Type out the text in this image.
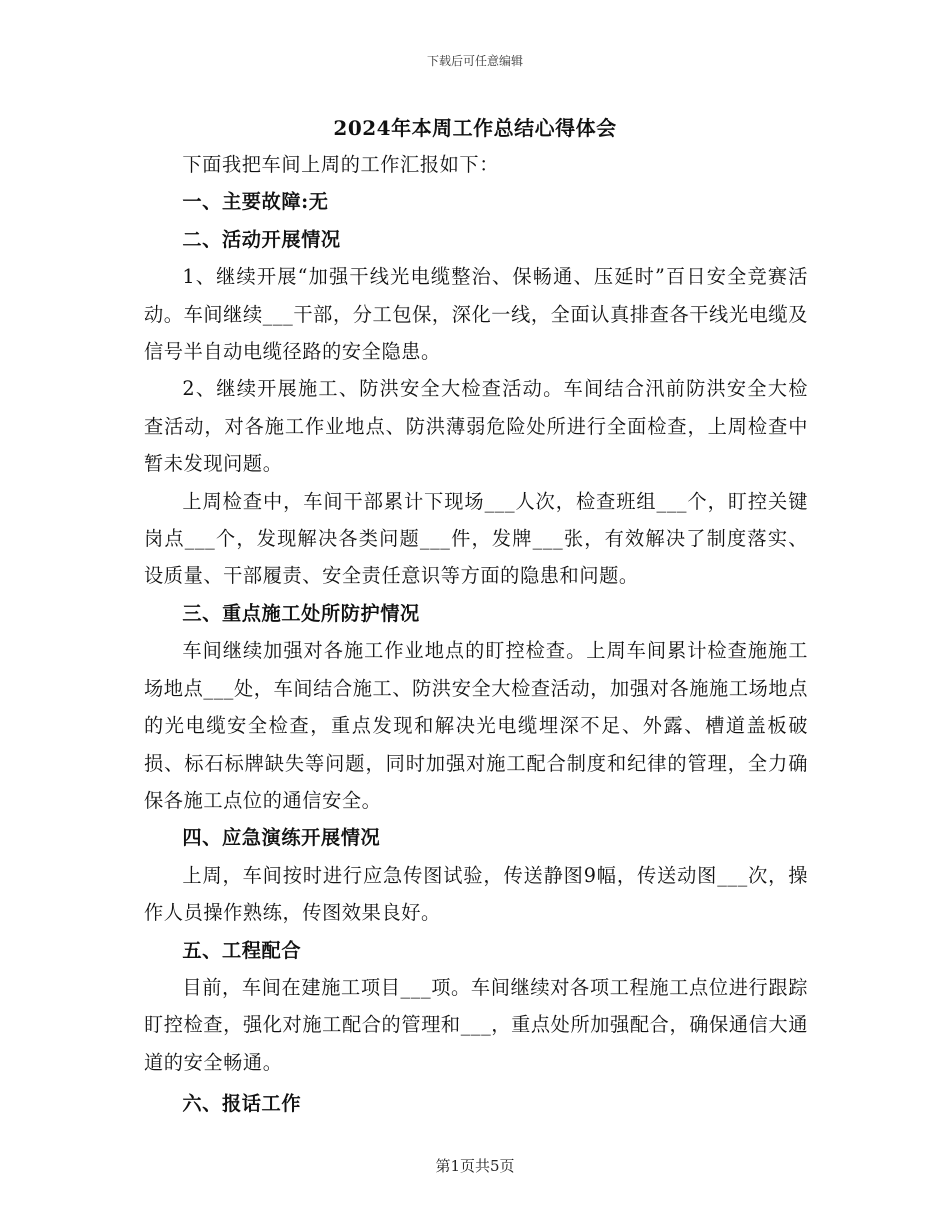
下载后可任意编辑
2024年本周工作总结心得体会

下面我把车间上周的工作汇报如下：

一、主要故障:无

二、活动开展情况

1、继续开展“加强干线光电缆整治、保畅通、压延时”百日安全竞赛活动。车间继续___干部，分工包保，深化一线，全面认真排查各干线光电缆及信号半自动电缆径路的安全隐患。

2、继续开展施工、防洪安全大检查活动。车间结合汛前防洪安全大检查活动，对各施工作业地点、防洪薄弱危险处所进行全面检查，上周检查中暂未发现问题。

上周检查中，车间干部累计下现场___人次，检查班组___个，盯控关键岗点___个，发现解决各类问题___件，发牌___张，有效解决了制度落实、设质量、干部履责、安全责任意识等方面的隐患和问题。

三、重点施工处所防护情况

车间继续加强对各施工作业地点的盯控检查。上周车间累计检查施施工场地点___处，车间结合施工、防洪安全大检查活动，加强对各施施工场地点的光电缆安全检查，重点发现和解决光电缆埋深不足、外露、槽道盖板破损、标石标牌缺失等问题，同时加强对施工配合制度和纪律的管理，全力确保各施工点位的通信安全。

四、应急演练开展情况

上周，车间按时进行应急传图试验，传送静图9幅，传送动图___次，操作人员操作熟练，传图效果良好。

五、工程配合

目前，车间在建施工项目___项。车间继续对各项工程施工点位进行跟踪盯控检查，强化对施工配合的管理和___，重点处所加强配合，确保通信大通道的安全畅通。

六、报话工作

第1页共5页
